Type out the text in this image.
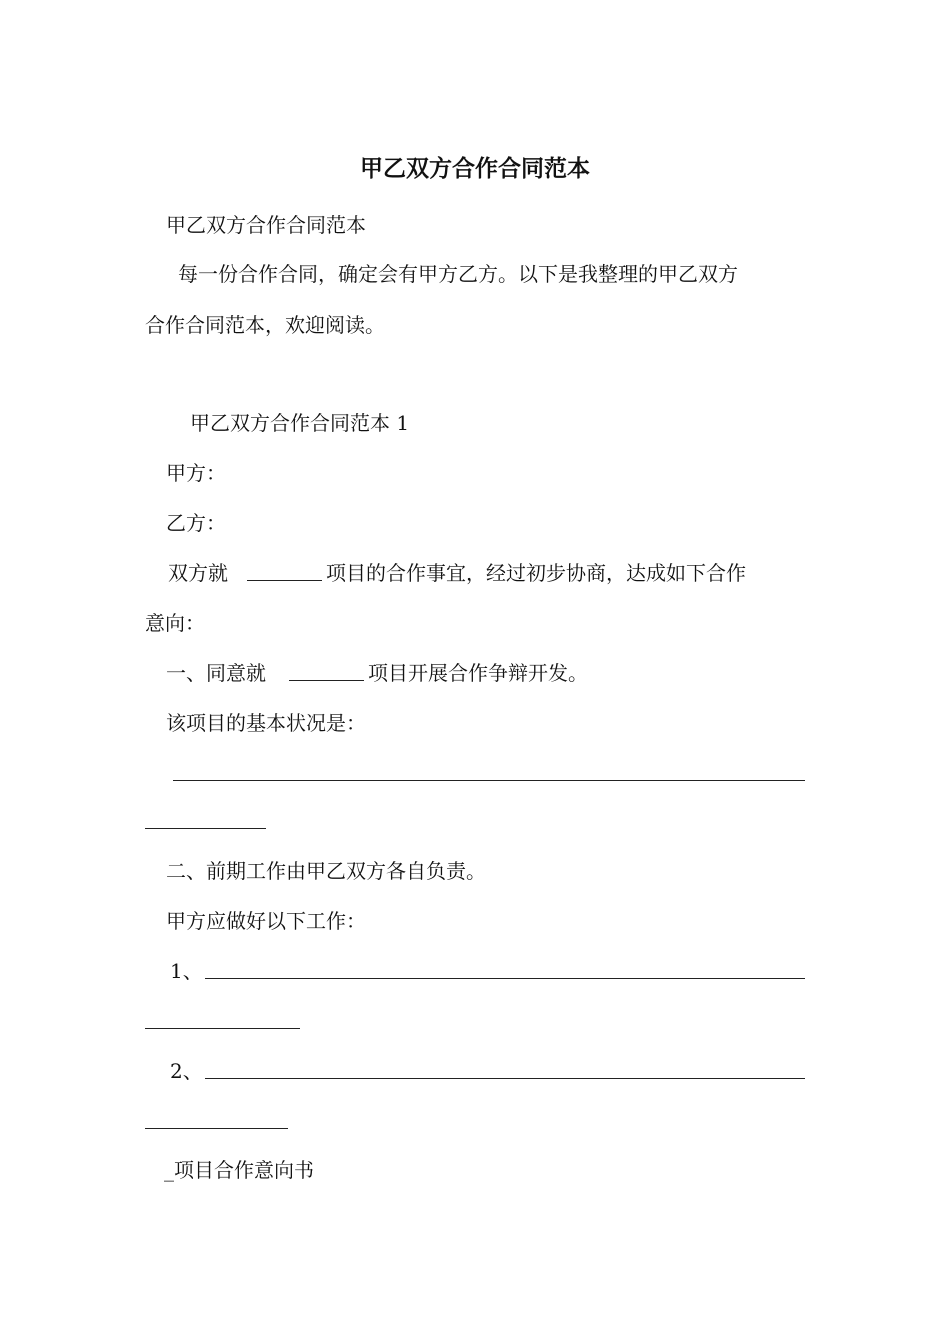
甲乙双方合作合同范本

甲乙双方合作合同范本

每一份合作合同，确定会有甲方乙方。以下是我整理的甲乙双方

合作合同范本，欢迎阅读。

甲乙双方合作合同范本 1

甲方：

乙方：

双方就	项目的合作事宜，经过初步协商，达成如下合作

意向：

一、同意就	项目开展合作争辩开发。

该项目的基本状况是：

二、前期工作由甲乙双方各自负责。

甲方应做好以下工作：

1、

2、

_项目合作意向书
